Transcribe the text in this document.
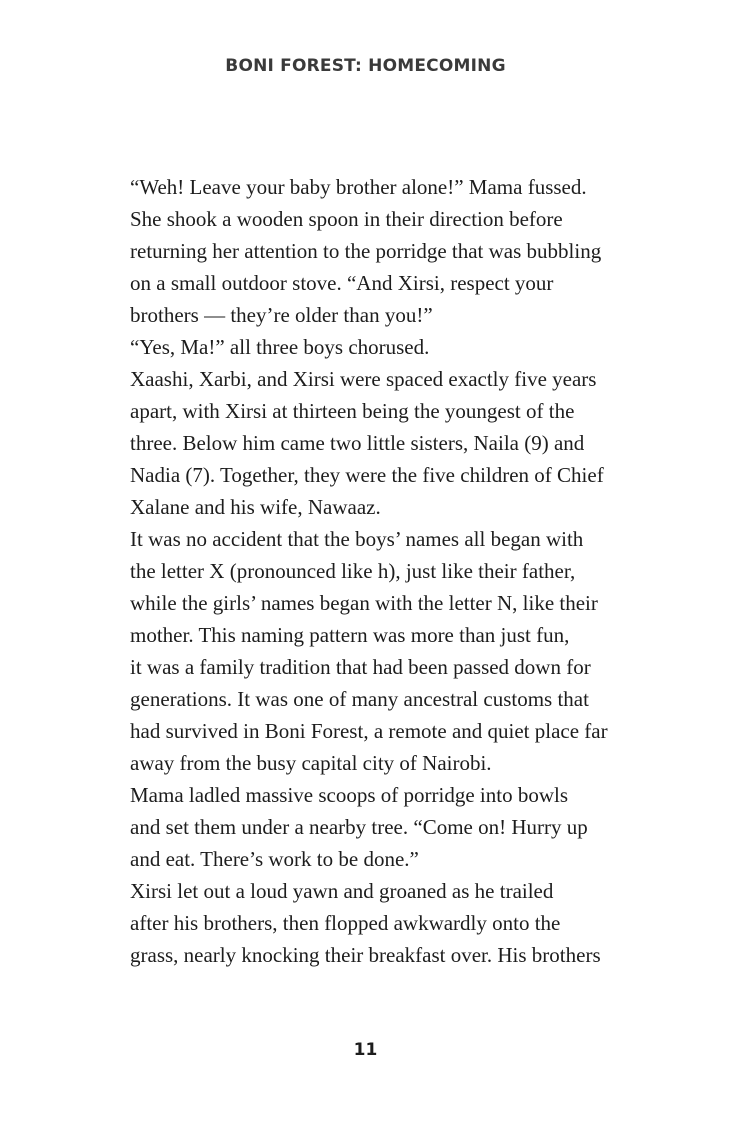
BONI FOREST: HOMECOMING

“Weh! Leave your baby brother alone!” Mama fussed.
She shook a wooden spoon in their direction before
returning her attention to the porridge that was bubbling
on a small outdoor stove. “And Xirsi, respect your
brothers — they’re older than you!”

“Yes, Ma!” all three boys chorused.

Xaashi, Xarbi, and Xirsi were spaced exactly five years
apart, with Xirsi at thirteen being the youngest of the
three. Below him came two little sisters, Naila (9) and
Nadia (7). Together, they were the five children of Chief
Xalane and his wife, Nawaaz.

It was no accident that the boys’ names all began with
the letter X (pronounced like h), just like their father,
while the girls’ names began with the letter N, like their
mother. This naming pattern was more than just fun,
it was a family tradition that had been passed down for
generations. It was one of many ancestral customs that
had survived in Boni Forest, a remote and quiet place far
away from the busy capital city of Nairobi.

Mama ladled massive scoops of porridge into bowls
and set them under a nearby tree. “Come on! Hurry up
and eat. There’s work to be done.”

Xirsi let out a loud yawn and groaned as he trailed
after his brothers, then flopped awkwardly onto the
grass, nearly knocking their breakfast over. His brothers

11
